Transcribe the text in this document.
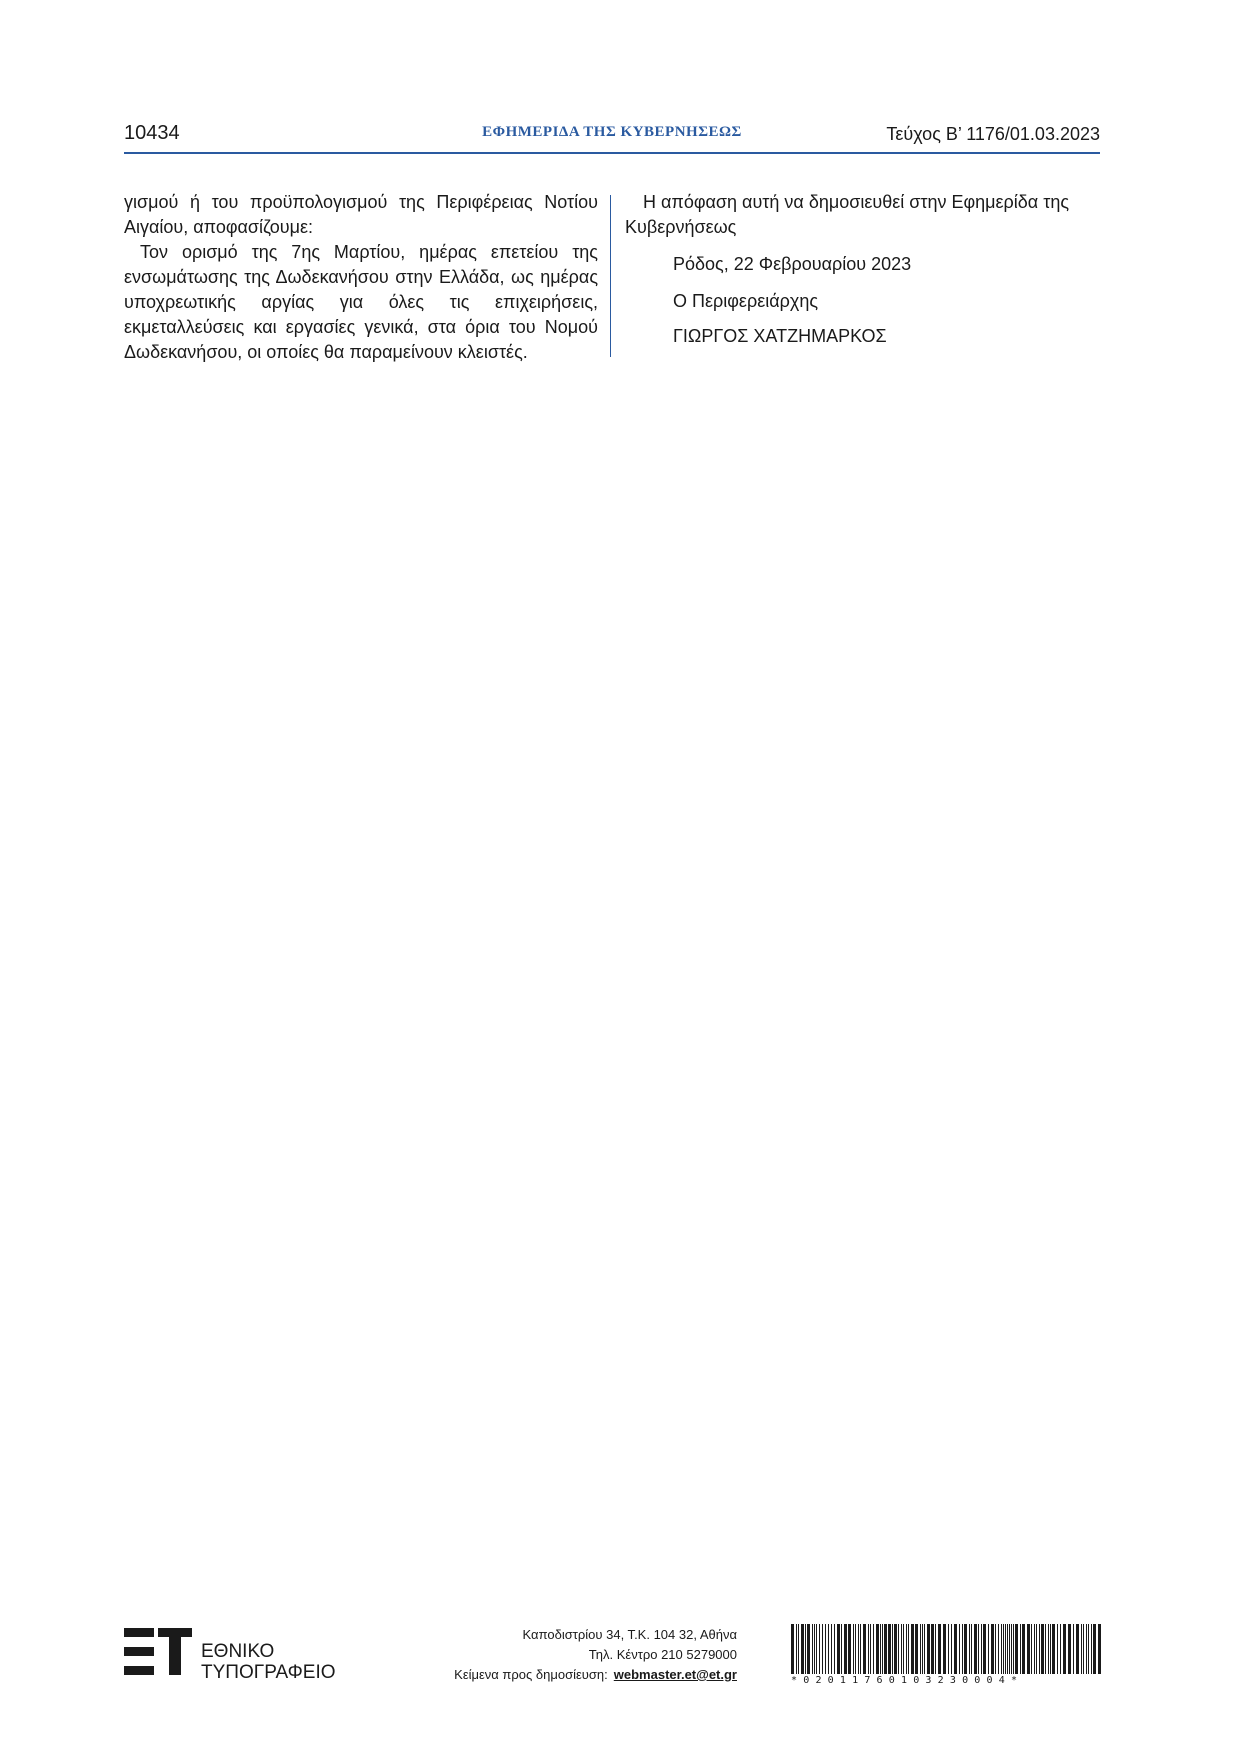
10434	ΕΦΗΜΕΡΙΔΑ ΤΗΣ ΚΥΒΕΡΝΗΣΕΩΣ	Τεύχος Β’ 1176/01.03.2023

γισμού ή του προϋπολογισμού της Περιφέρειας Νοτίου Αιγαίου, αποφασίζουμε:

Τον ορισμό της 7ης Μαρτίου, ημέρας επετείου της ενσωμάτωσης της Δωδεκανήσου στην Ελλάδα, ως ημέρας υποχρεωτικής αργίας για όλες τις επιχειρήσεις, εκμεταλλεύσεις και εργασίες γενικά, στα όρια του Νομού Δωδεκανήσου, οι οποίες θα παραμείνουν κλειστές.

Η απόφαση αυτή να δημοσιευθεί στην Εφημερίδα της Κυβερνήσεως

Ρόδος, 22 Φεβρουαρίου 2023

Ο Περιφερειάρχης

ΓΙΩΡΓΟΣ ΧΑΤΖΗΜΑΡΚΟΣ

ΕΘΝΙΚΟ
ΤΥΠΟΓΡΑΦΕΙΟ
Καποδιστρίου 34, Τ.Κ. 104 32, Αθήνα
Τηλ. Κέντρο 210 5279000
Κείμενα προς δημοσίευση: webmaster.et@et.gr	*02011760103230004*
